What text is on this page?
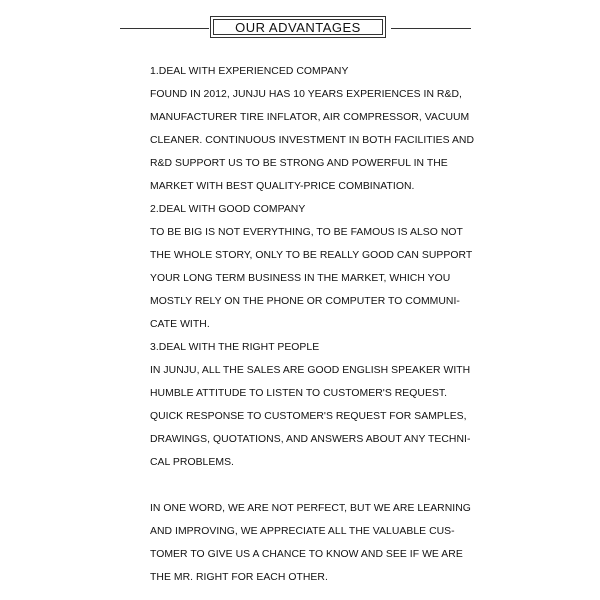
OUR ADVANTAGES
1.DEAL WITH EXPERIENCED COMPANY
FOUND IN 2012, JUNJU HAS 10 YEARS EXPERIENCES IN R&D,
MANUFACTURER TIRE INFLATOR, AIR COMPRESSOR, VACUUM
CLEANER. CONTINUOUS INVESTMENT IN BOTH FACILITIES AND
R&D SUPPORT US TO BE STRONG AND POWERFUL IN THE
MARKET WITH BEST QUALITY-PRICE COMBINATION.
2.DEAL WITH GOOD COMPANY
TO BE BIG IS NOT EVERYTHING, TO BE FAMOUS IS ALSO NOT
THE WHOLE STORY, ONLY TO BE REALLY GOOD CAN SUPPORT
YOUR LONG TERM BUSINESS IN THE MARKET, WHICH YOU
MOSTLY RELY ON THE PHONE OR COMPUTER TO COMMUNI-
CATE WITH.
3.DEAL WITH THE RIGHT PEOPLE
IN JUNJU, ALL THE SALES ARE GOOD ENGLISH SPEAKER WITH
HUMBLE ATTITUDE TO LISTEN TO CUSTOMER'S REQUEST.
QUICK RESPONSE TO CUSTOMER'S REQUEST FOR SAMPLES,
DRAWINGS, QUOTATIONS, AND ANSWERS ABOUT ANY TECHNI-
CAL PROBLEMS.
IN ONE WORD, WE ARE NOT PERFECT, BUT WE ARE LEARNING
AND IMPROVING, WE APPRECIATE ALL THE VALUABLE CUS-
TOMER TO GIVE US A CHANCE TO KNOW AND SEE IF WE ARE
THE MR. RIGHT FOR EACH OTHER.
